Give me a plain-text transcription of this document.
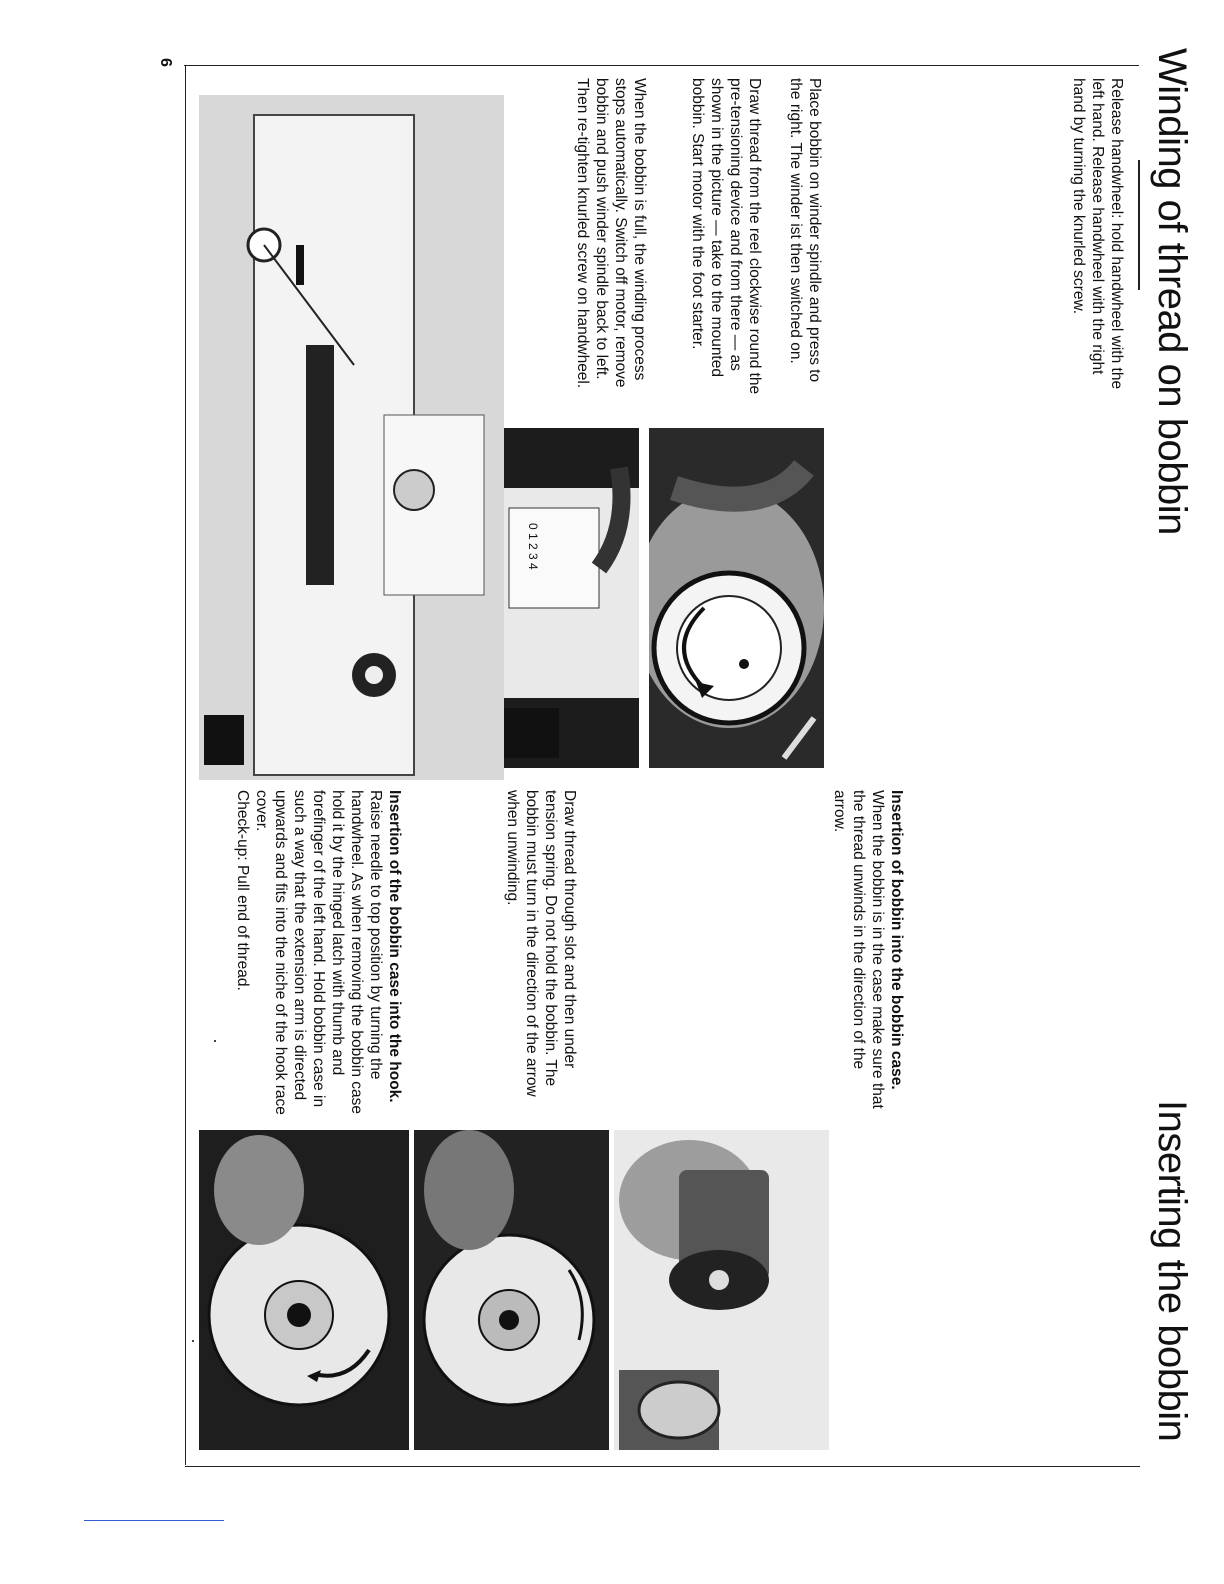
Winding of thread on bobbin
Inserting the bobbin
Release handwheel: hold handwheel with the left hand. Release handwheel with the right hand by turning the knurled screw.
Place bobbin on winder spindle and press to the right. The winder ist then switched on.
Draw thread from the reel clockwise round the pre-tensioning device and from there — as shown in the picture — take to the mounted bobbin. Start motor with the foot starter.
When the bobbin is full, the winding process stops automatically. Switch off motor, remove bobbin and push winder spindle back to left. Then re-tighten knurled screw on handwheel.
0 1 2 3 4
Insertion of bobbin into the bobbin case. When the bobbin is in the case make sure that the thread unwinds in the direction of the arrow.
Draw thread through slot and then under tension spring. Do not hold the bobbin. The bobbin must turn in the direction of the arrow when unwinding.
Insertion of the bobbin case into the hook. Raise needle to top position by turning the handwheel. As when removing the bobbin case hold it by the hinged latch with thumb and forefinger of the left hand. Hold bobbin case in such a way that the extension arm is directed upwards and fits into the niche of the hook race cover.
Check-up: Pull end of thread.
6
